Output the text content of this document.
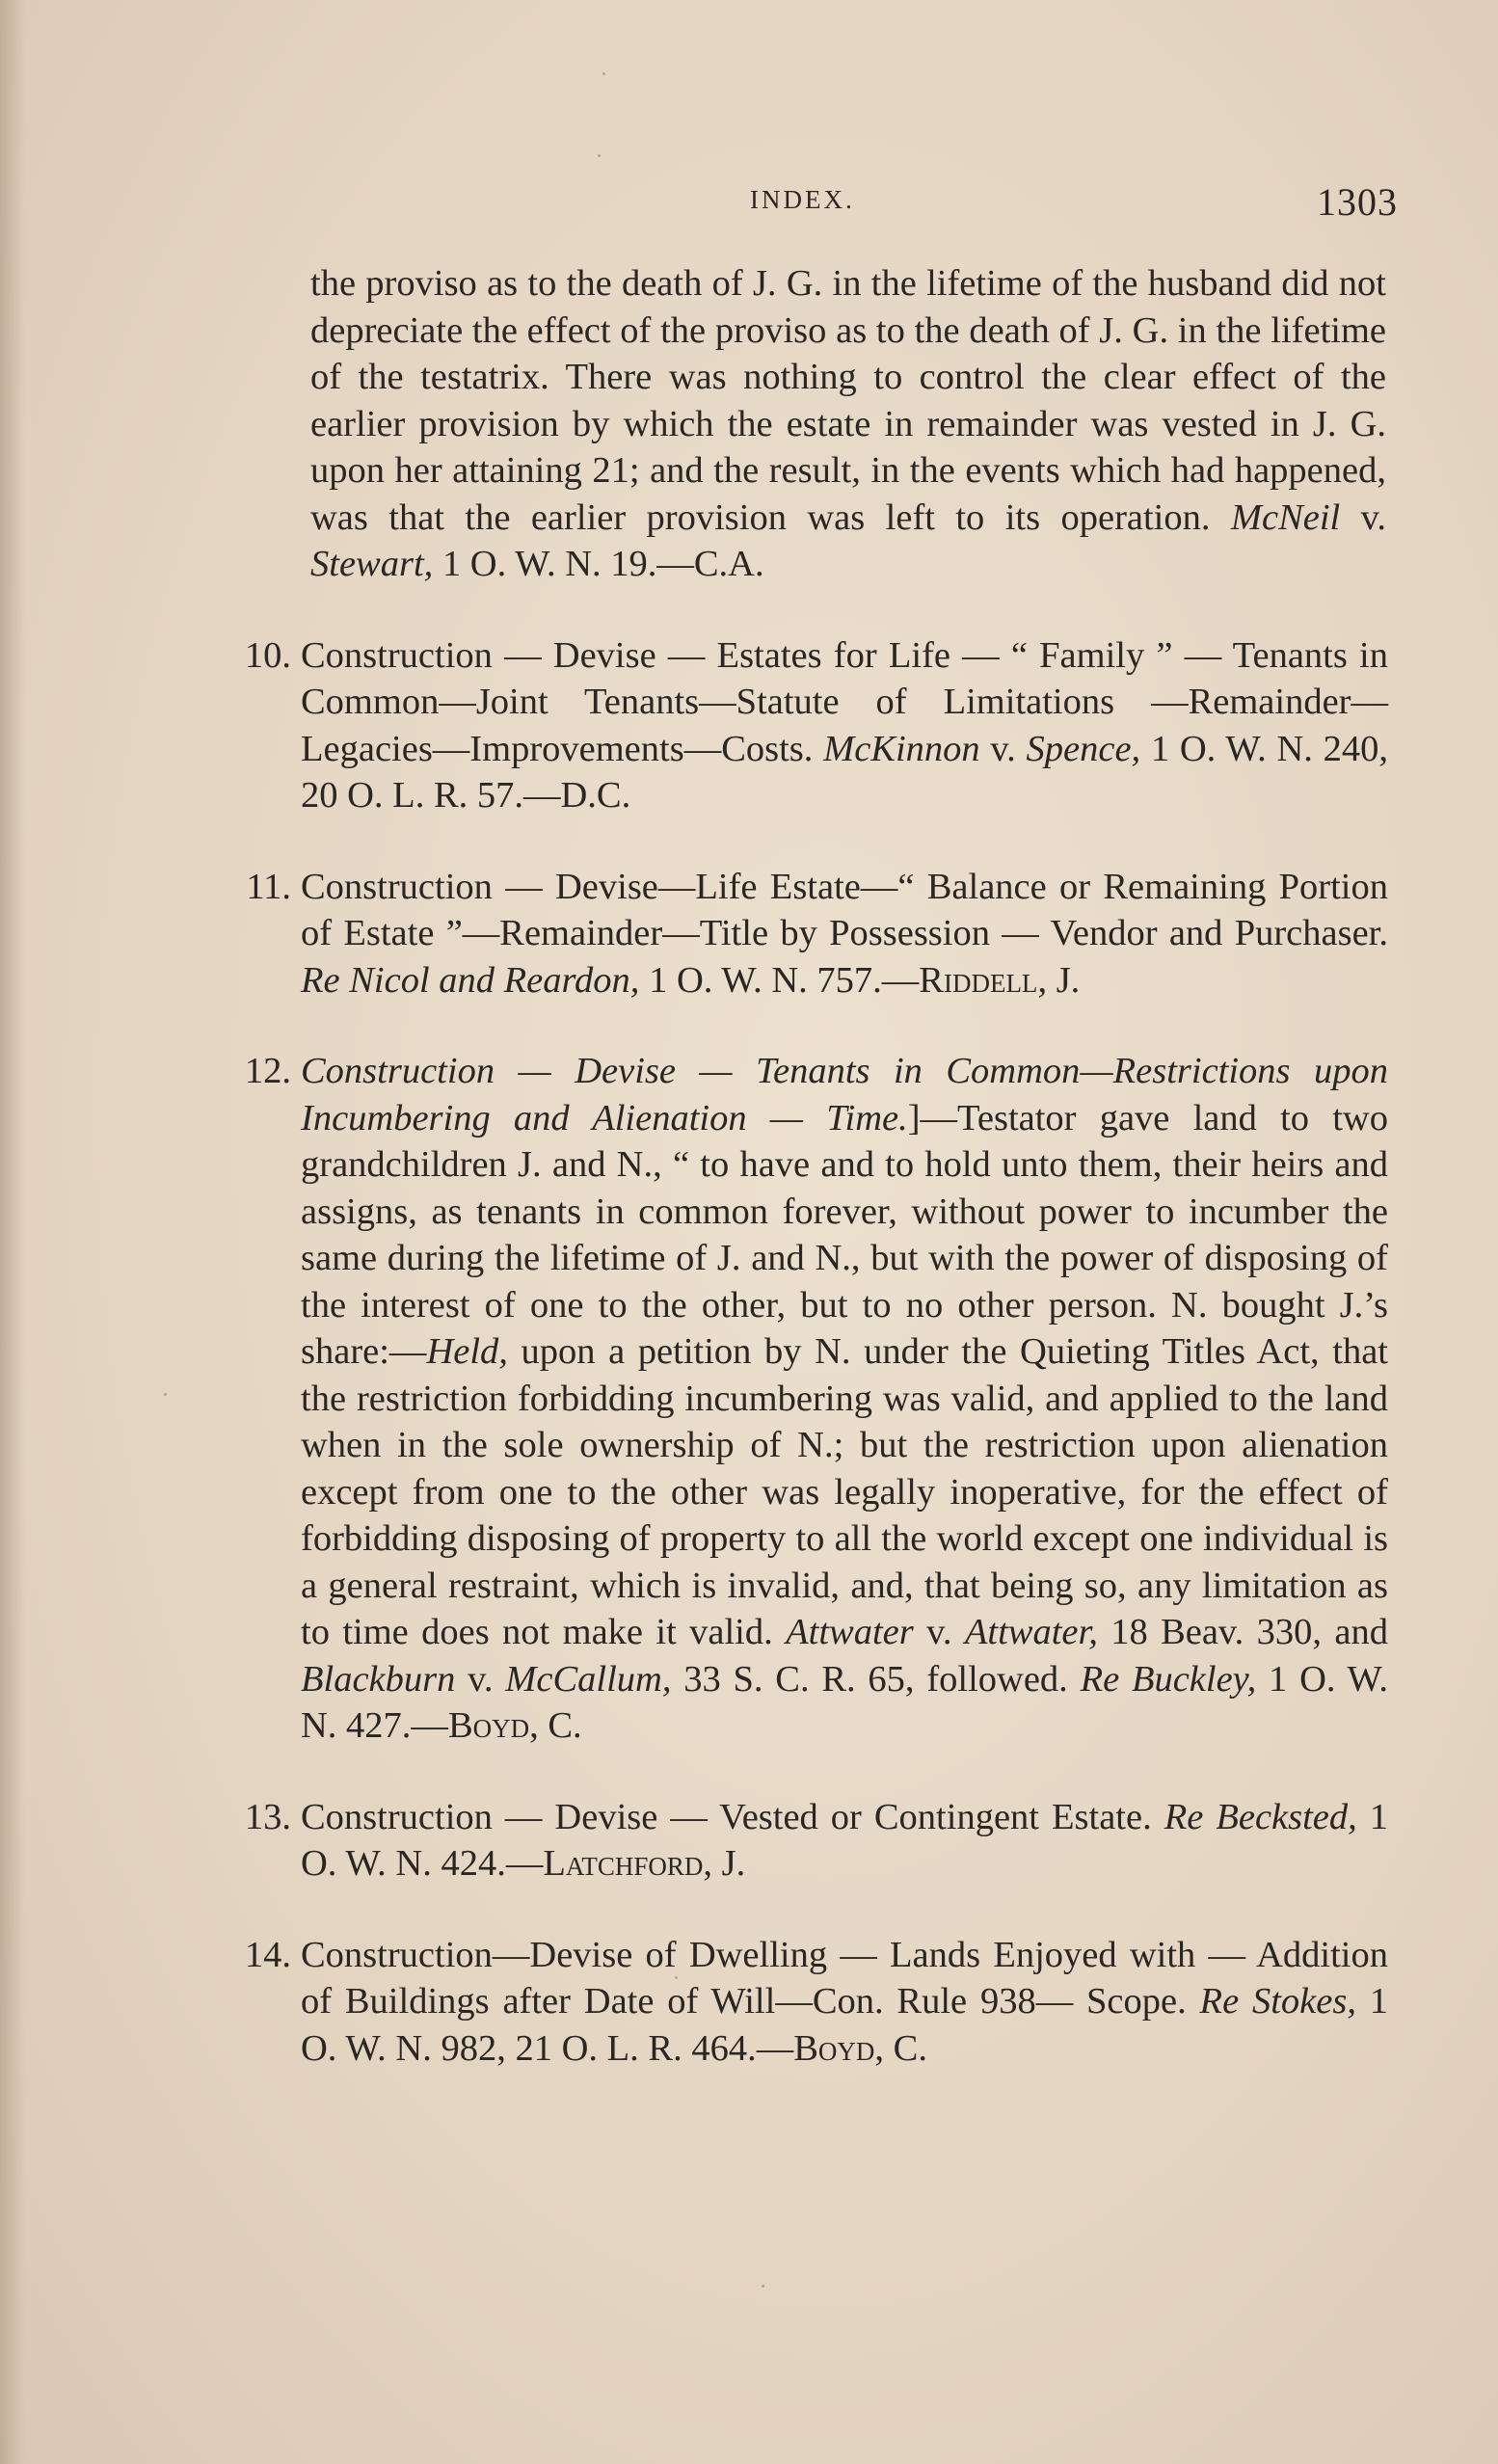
INDEX.	1303

the proviso as to the death of J. G. in the lifetime of the husband did not depreciate the effect of the proviso as to the death of J. G. in the lifetime of the testatrix. There was nothing to control the clear effect of the earlier provision by which the estate in remainder was vested in J. G. upon her attaining 21; and the result, in the events which had happened, was that the earlier provision was left to its operation. McNeil v. Stewart, 1 O. W. N. 19.—C.A.

10. Construction — Devise — Estates for Life — “ Family ” — Tenants in Common—Joint Tenants—Statute of Limitations —Remainder—Legacies—Improvements—Costs. McKinnon v. Spence, 1 O. W. N. 240, 20 O. L. R. 57.—D.C.
11. Construction — Devise—Life Estate—“ Balance or Remaining Portion of Estate ”—Remainder—Title by Possession — Vendor and Purchaser. Re Nicol and Reardon, 1 O. W. N. 757.—Riddell, J.
12. Construction — Devise — Tenants in Common—Restrictions upon Incumbering and Alienation — Time.]—Testator gave land to two grandchildren J. and N., “ to have and to hold unto them, their heirs and assigns, as tenants in common forever, without power to incumber the same during the lifetime of J. and N., but with the power of disposing of the interest of one to the other, but to no other person. N. bought J.’s share:—Held, upon a petition by N. under the Quieting Titles Act, that the restriction forbidding incumbering was valid, and applied to the land when in the sole ownership of N.; but the restriction upon alienation except from one to the other was legally inoperative, for the effect of forbidding disposing of property to all the world except one individual is a general restraint, which is invalid, and, that being so, any limitation as to time does not make it valid. Attwater v. Attwater, 18 Beav. 330, and Blackburn v. McCallum, 33 S. C. R. 65, followed. Re Buckley, 1 O. W. N. 427.—Boyd, C.
13. Construction — Devise — Vested or Contingent Estate. Re Becksted, 1 O. W. N. 424.—Latchford, J.
14. Construction—Devise of Dwelling — Lands Enjoyed with — Addition of Buildings after Date of Will—Con. Rule 938— Scope. Re Stokes, 1 O. W. N. 982, 21 O. L. R. 464.—Boyd, C.
